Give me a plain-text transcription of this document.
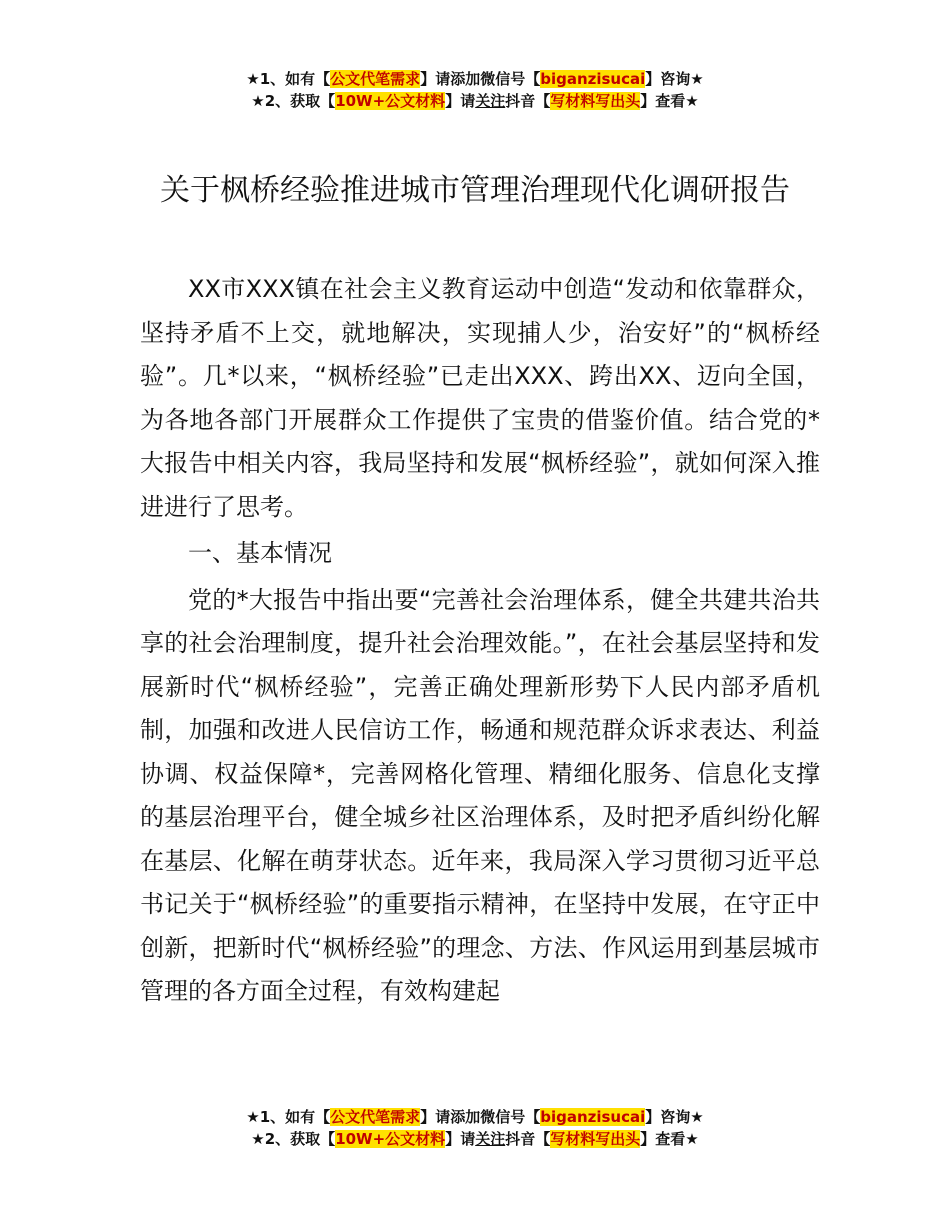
★1、如有【公文代笔需求】请添加微信号【biganzisucai】咨询★
★2、获取【10W+公文材料】请关注抖音【写材料写出头】查看★
关于枫桥经验推进城市管理治理现代化调研报告

XX市XXX镇在社会主义教育运动中创造“发动和依靠群众，坚持矛盾不上交，就地解决，实现捕人少，治安好”的“枫桥经验”。几*以来，“枫桥经验”已走出XXX、跨出XX、迈向全国，为各地各部门开展群众工作提供了宝贵的借鉴价值。结合党的*大报告中相关内容，我局坚持和发展“枫桥经验”，就如何深入推进进行了思考。

一、基本情况

党的*大报告中指出要“完善社会治理体系，健全共建共治共享的社会治理制度，提升社会治理效能。”，在社会基层坚持和发展新时代“枫桥经验”，完善正确处理新形势下人民内部矛盾机制，加强和改进人民信访工作，畅通和规范群众诉求表达、利益协调、权益保障*，完善网格化管理、精细化服务、信息化支撑的基层治理平台，健全城乡社区治理体系，及时把矛盾纠纷化解在基层、化解在萌芽状态。近年来，我局深入学习贯彻习近平总书记关于“枫桥经验”的重要指示精神，在坚持中发展，在守正中创新，把新时代“枫桥经验”的理念、方法、作风运用到基层城市管理的各方面全过程，有效构建起

★1、如有【公文代笔需求】请添加微信号【biganzisucai】咨询★
★2、获取【10W+公文材料】请关注抖音【写材料写出头】查看★
